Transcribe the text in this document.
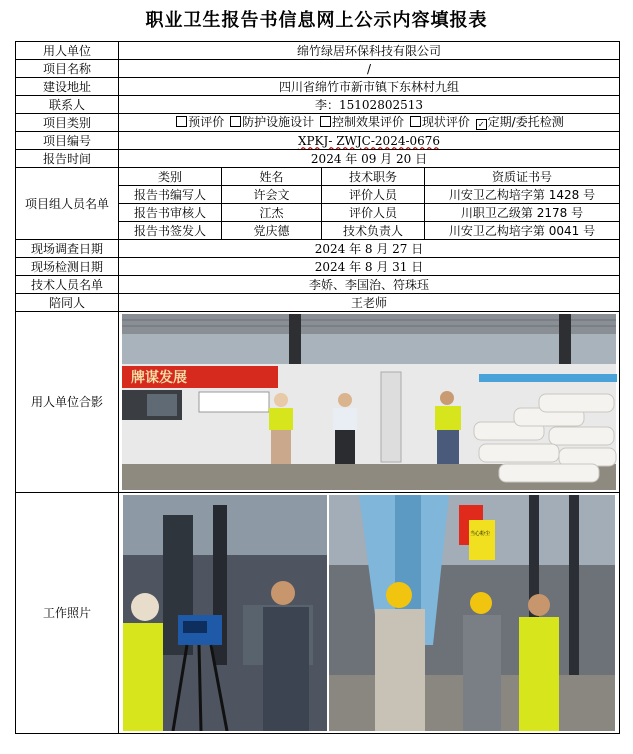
职业卫生报告书信息网上公示内容填报表
用人单位	绵竹绿居环保科技有限公司			
项目名称	/			
建设地址	四川省绵竹市新市镇下东林村九组			
联系人	李：15102802513			
项目类别	预评价 防护设施设计 控制效果评价 现状评价 ✓ 定期/委托检测			
项目编号	XPKJ- ZWJC-2024-0676			
报告时间	2024 年 09 月 20 日			
项目组人员名单	类别	姓名	技术职务	资质证书号
	报告书编写人	许会文	评价人员	川安卫乙构培字第 1428 号
	报告书审核人	江杰	评价人员	川职卫乙级第 2178 号
	报告书签发人	党庆德	技术负责人	川安卫乙构培字第 0041 号
现场调查日期	2024 年 8 月 27 日			
现场检测日期	2024 年 8 月 31 日			
技术人员名单	李娇、李国治、符珠珏			
陪同人	王老师			
用人单位合影	牌谋发展			

工作照片	当心粉尘			
